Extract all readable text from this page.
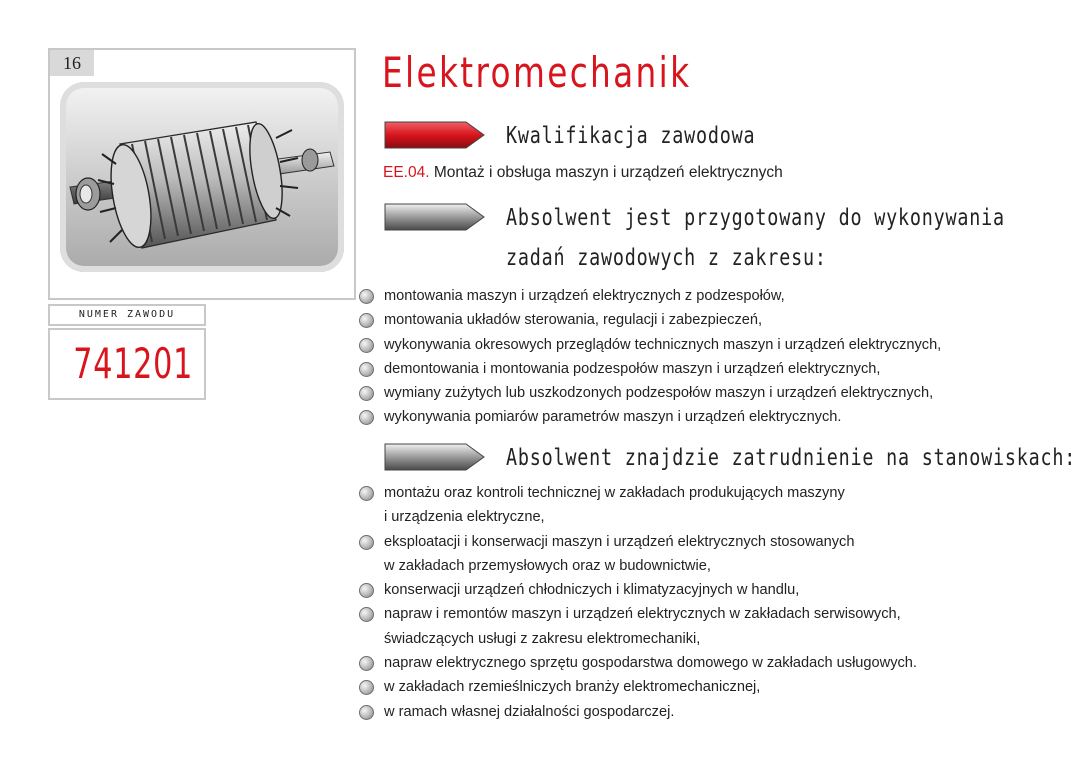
16
NUMER ZAWODU
741201
Elektromechanik
Kwalifikacja zawodowa
EE.04. Montaż i obsługa maszyn i urządzeń elektrycznych
Absolwent jest przygotowany do wykonywania
zadań zawodowych z zakresu:
montowania maszyn i urządzeń elektrycznych z podzespołów,
montowania układów sterowania, regulacji i zabezpieczeń,
wykonywania okresowych przeglądów technicznych maszyn i urządzeń elektrycznych,
demontowania i montowania podzespołów maszyn i urządzeń elektrycznych,
wymiany zużytych lub uszkodzonych podzespołów maszyn i urządzeń elektrycznych,
wykonywania pomiarów parametrów maszyn i urządzeń elektrycznych.
Absolwent znajdzie zatrudnienie na stanowiskach:
montażu oraz kontroli technicznej w zakładach produkujących maszyny
i urządzenia elektryczne,
eksploatacji i konserwacji maszyn i urządzeń elektrycznych stosowanych
w zakładach przemysłowych oraz w budownictwie,
konserwacji urządzeń chłodniczych i klimatyzacyjnych w handlu,
napraw i remontów maszyn i urządzeń elektrycznych w zakładach serwisowych,
świadczących usługi z zakresu elektromechaniki,
napraw elektrycznego sprzętu gospodarstwa domowego w zakładach usługowych.
w zakładach rzemieślniczych branży elektromechanicznej,
w ramach własnej działalności gospodarczej.
